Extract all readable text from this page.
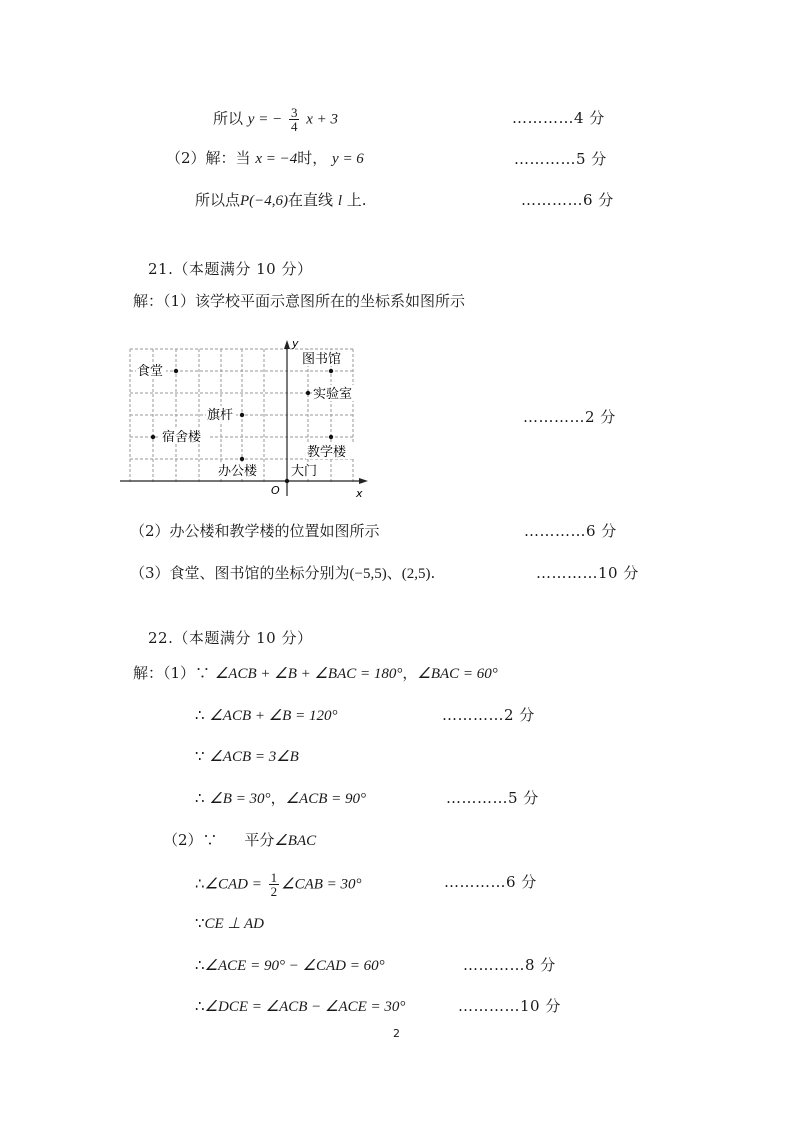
所以 y = − $\frac{3}{4}$ x + 3	…………4 分
（2）解：当 x = −4时， y = 6	…………5 分
所以点P(−4,6)在直线 l 上.	…………6 分
21.（本题满分 10 分）
解：（1）该学校平面示意图所在的坐标系如图所示
y
x
O
食堂
图书馆
实验室
旗杆
宿舍楼
教学楼
办公楼	大门
…………2 分
（2）办公楼和教学楼的位置如图所示	…………6 分
（3）食堂、图书馆的坐标分别为(−5,5)、(2,5).	…………10 分
22.（本题满分 10 分）
解：（1）∵ ∠ACB + ∠B + ∠BAC = 180°，∠BAC = 60°
∴ ∠ACB + ∠B = 120°	…………2 分
∵ ∠ACB = 3∠B
∴ ∠B = 30°，∠ACB = 90°	…………5 分
（2）∵ 平分∠BAC
∴∠CAD = $\frac{1}{2}$ ∠CAB = 30°	…………6 分
∵CE ⊥ AD
∴∠ACE = 90° − ∠CAD = 60°	…………8 分
∴∠DCE = ∠ACB − ∠ACE = 30°	…………10 分
2
